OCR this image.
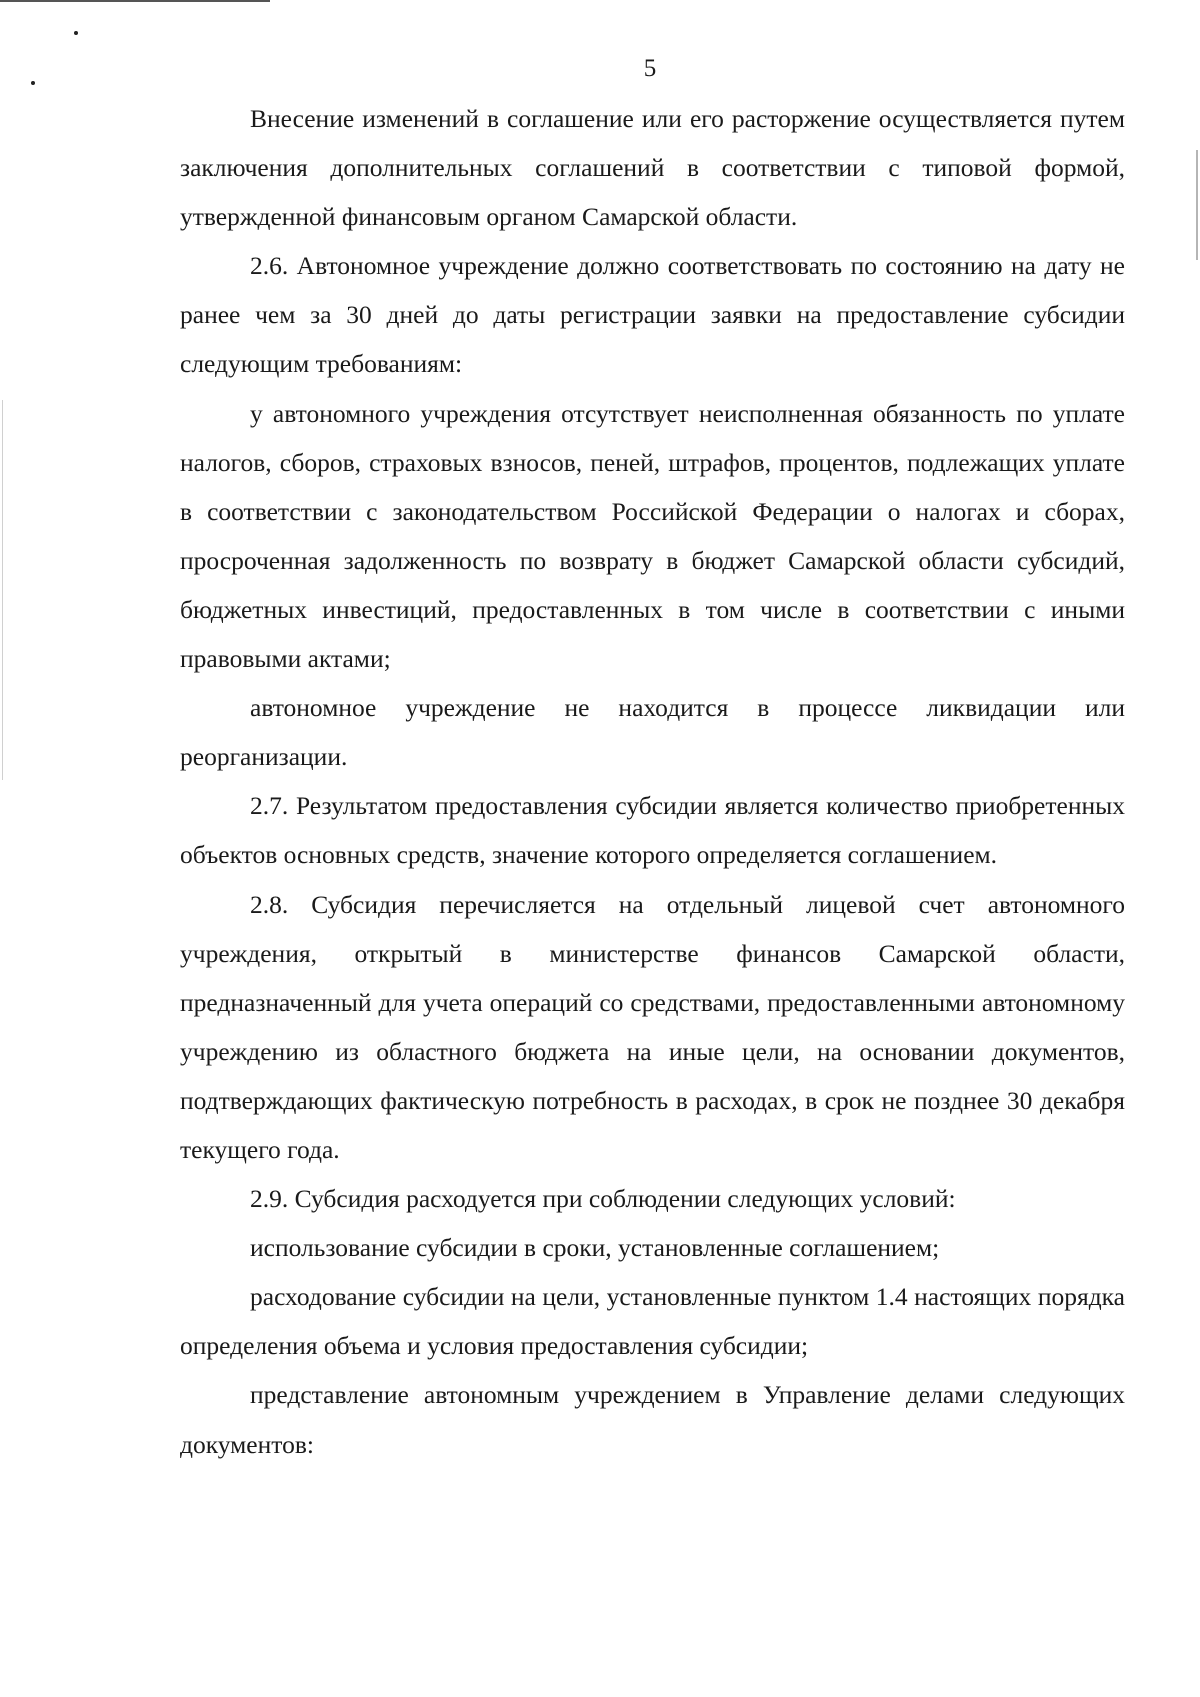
5

Внесение изменений в соглашение или его расторжение осуществляется путем заключения дополнительных соглашений в соответствии с типовой формой, утвержденной финансовым органом Самарской области.

2.6. Автономное учреждение должно соответствовать по состоянию на дату не ранее чем за 30 дней до даты регистрации заявки на предоставление субсидии следующим требованиям:

у автономного учреждения отсутствует неисполненная обязанность по уплате налогов, сборов, страховых взносов, пеней, штрафов, процентов, подлежащих уплате в соответствии с законодательством Российской Федерации о налогах и сборах, просроченная задолженность по возврату в бюджет Самарской области субсидий, бюджетных инвестиций, предоставленных в том числе в соответствии с иными правовыми актами;

автономное учреждение не находится в процессе ликвидации или реорганизации.

2.7. Результатом предоставления субсидии является количество приобретенных объектов основных средств, значение которого определяется соглашением.

2.8. Субсидия перечисляется на отдельный лицевой счет автономного учреждения, открытый в министерстве финансов Самарской области, предназначенный для учета операций со средствами, предоставленными автономному учреждению из областного бюджета на иные цели, на основании документов, подтверждающих фактическую потребность в расходах, в срок не позднее 30 декабря текущего года.

2.9. Субсидия расходуется при соблюдении следующих условий:

использование субсидии в сроки, установленные соглашением;

расходование субсидии на цели, установленные пунктом 1.4 настоящих порядка определения объема и условия предоставления субсидии;

представление автономным учреждением в Управление делами следующих документов:
